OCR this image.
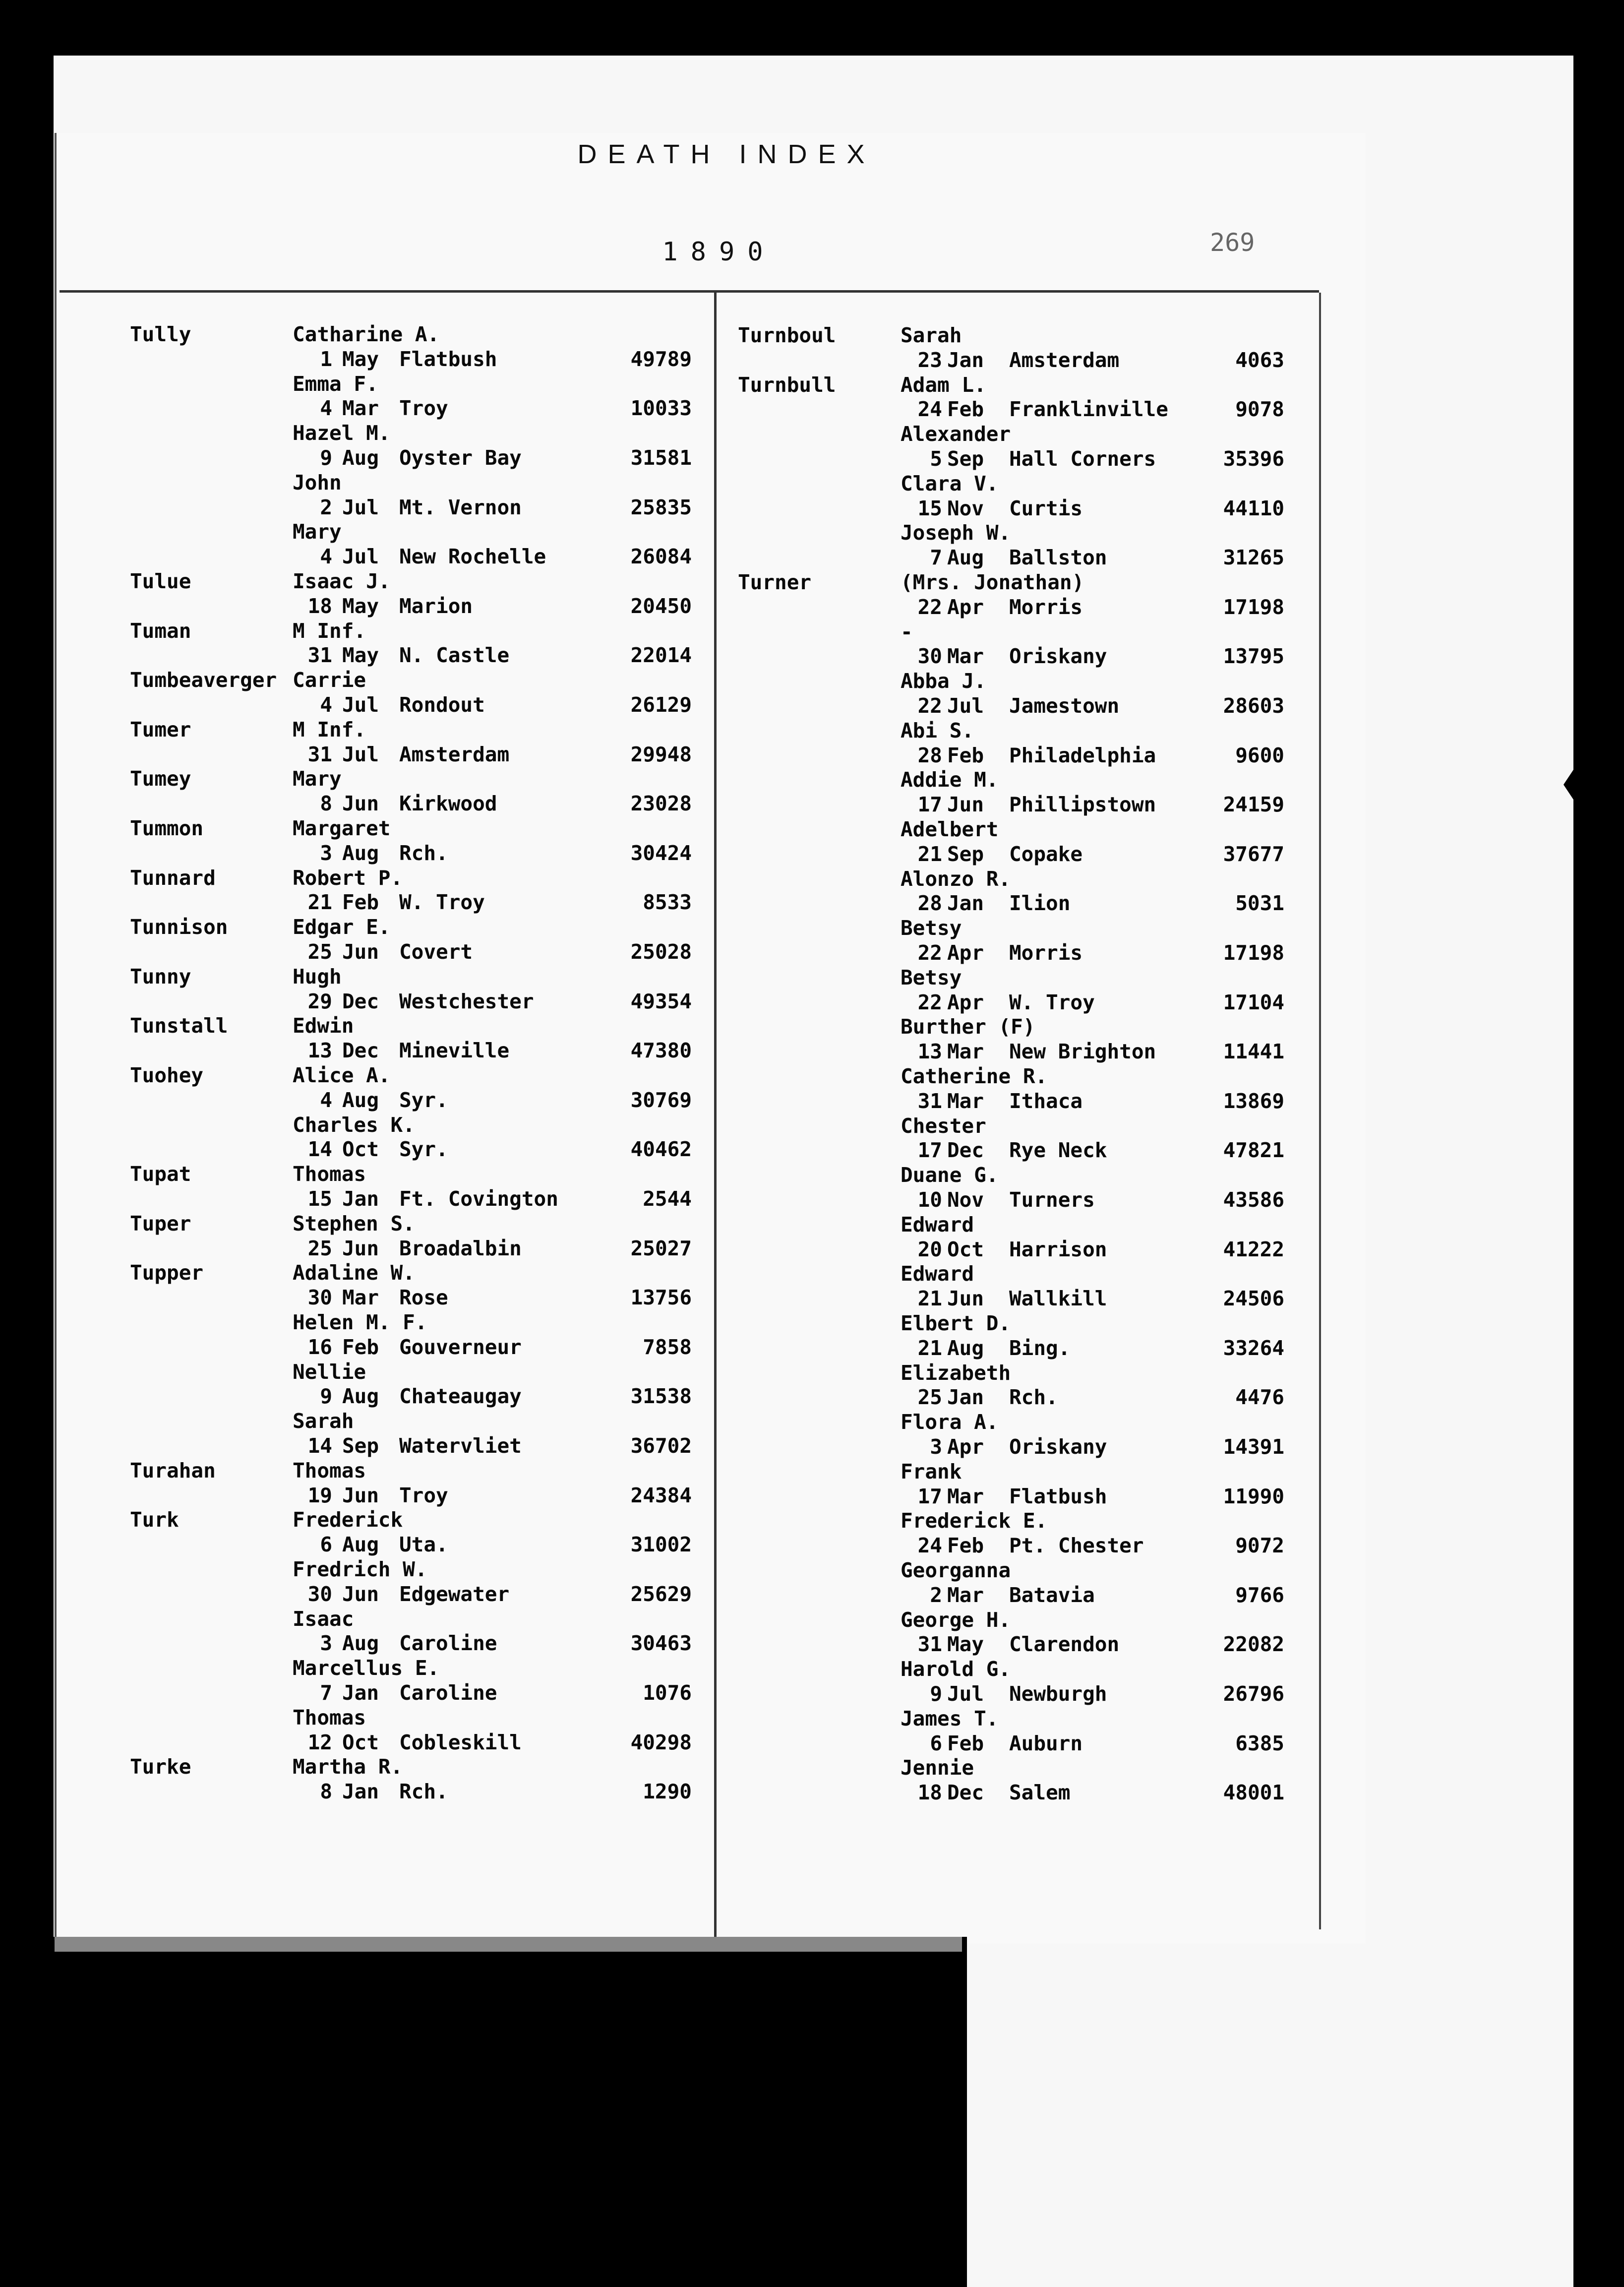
DEATH INDEX
1890	269
Tully	Catharine A.
1 May Flatbush	49789
Emma F.
4 Mar Troy	10033
Hazel M.
9 Aug Oyster Bay	31581
John
2 Jul Mt. Vernon	25835
Mary
4 Jul New Rochelle	26084
Tulue	Isaac J.
18 May Marion	20450
Tuman	M Inf.
31 May N. Castle	22014
Tumbeaverger Carrie
4 Jul Rondout	26129
Tumer	M Inf.
31 Jul Amsterdam	29948
Tumey	Mary
8 Jun Kirkwood	23028
Tummon	Margaret
3 Aug Rch.	30424
Tunnard	Robert P.
21 Feb W. Troy	8533
Tunnison	Edgar E.
25 Jun Covert	25028
Tunny	Hugh
29 Dec Westchester	49354
Tunstall	Edwin
13 Dec Mineville	47380
Tuohey	Alice A.
4 Aug Syr.	30769
Charles K.
14 Oct Syr.	40462
Tupat	Thomas
15 Jan Ft. Covington	2544
Tuper	Stephen S.
25 Jun Broadalbin	25027
Tupper	Adaline W.
30 Mar Rose	13756
Helen M. F.
16 Feb Gouverneur	7858
Nellie
9 Aug Chateaugay	31538
Sarah
14 Sep Watervliet	36702
Turahan	Thomas
19 Jun Troy	24384
Turk	Frederick
6 Aug Uta.	31002
Fredrich W.
30 Jun Edgewater	25629
Isaac
3 Aug Caroline	30463
Marcellus E.
7 Jan Caroline	1076
Thomas
12 Oct Cobleskill	40298
Turke	Martha R.
8 Jan Rch.	1290
Turnboul	Sarah
23 Jan Amsterdam	4063
Turnbull	Adam L.
24 Feb Franklinville	9078
Alexander
5 Sep Hall Corners	35396
Clara V.
15 Nov Curtis	44110
Joseph W.
7 Aug Ballston	31265
Turner	(Mrs. Jonathan)
22 Apr Morris	17198
-
30 Mar Oriskany	13795
Abba J.
22 Jul Jamestown	28603
Abi S.
28 Feb Philadelphia	9600
Addie M.
17 Jun Phillipstown	24159
Adelbert
21 Sep Copake	37677
Alonzo R.
28 Jan Ilion	5031
Betsy
22 Apr Morris	17198
Betsy
22 Apr W. Troy	17104
Burther (F)
13 Mar New Brighton	11441
Catherine R.
31 Mar Ithaca	13869
Chester
17 Dec Rye Neck	47821
Duane G.
10 Nov Turners	43586
Edward
20 Oct Harrison	41222
Edward
21 Jun Wallkill	24506
Elbert D.
21 Aug Bing.	33264
Elizabeth
25 Jan Rch.	4476
Flora A.
3 Apr Oriskany	14391
Frank
17 Mar Flatbush	11990
Frederick E.
24 Feb Pt. Chester	9072
Georganna
2 Mar Batavia	9766
George H.
31 May Clarendon	22082
Harold G.
9 Jul Newburgh	26796
James T.
6 Feb Auburn	6385
Jennie
18 Dec Salem	48001
